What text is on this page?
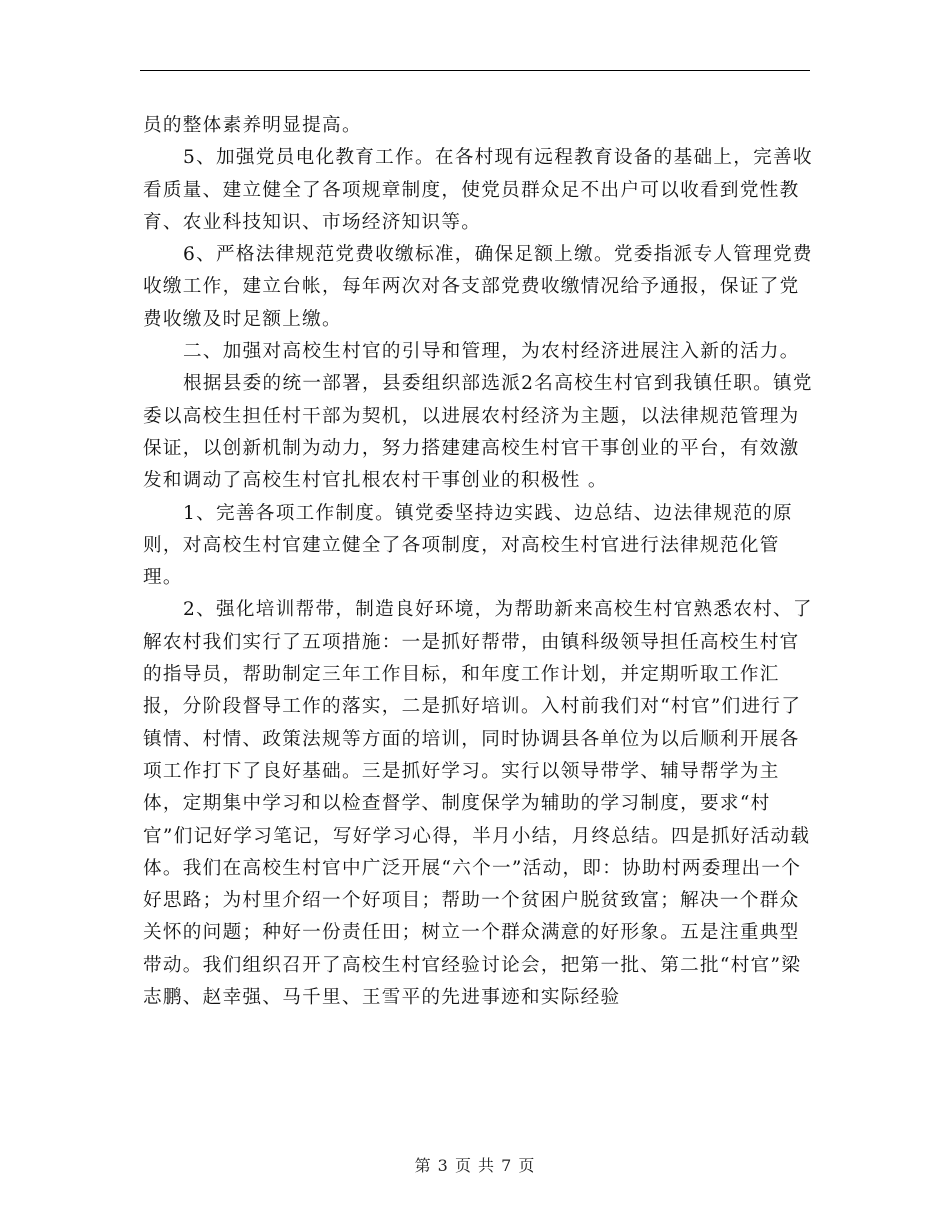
员的整体素养明显提高。

5、加强党员电化教育工作。在各村现有远程教育设备的基础上，完善收看质量、建立健全了各项规章制度，使党员群众足不出户可以收看到党性教育、农业科技知识、市场经济知识等。

6、严格法律规范党费收缴标准，确保足额上缴。党委指派专人管理党费收缴工作，建立台帐，每年两次对各支部党费收缴情况给予通报，保证了党费收缴及时足额上缴。

二、加强对高校生村官的引导和管理，为农村经济进展注入新的活力。

根据县委的统一部署，县委组织部选派2名高校生村官到我镇任职。镇党委以高校生担任村干部为契机，以进展农村经济为主题，以法律规范管理为保证，以创新机制为动力，努力搭建建高校生村官干事创业的平台，有效激发和调动了高校生村官扎根农村干事创业的积极性 。

1、完善各项工作制度。镇党委坚持边实践、边总结、边法律规范的原则，对高校生村官建立健全了各项制度，对高校生村官进行法律规范化管理。

2、强化培训帮带，制造良好环境，为帮助新来高校生村官熟悉农村、了解农村我们实行了五项措施：一是抓好帮带，由镇科级领导担任高校生村官的指导员，帮助制定三年工作目标，和年度工作计划，并定期听取工作汇报，分阶段督导工作的落实，二是抓好培训。入村前我们对“村官”们进行了镇情、村情、政策法规等方面的培训，同时协调县各单位为以后顺利开展各项工作打下了良好基础。三是抓好学习。实行以领导带学、辅导帮学为主体，定期集中学习和以检查督学、制度保学为辅助的学习制度，要求“村官”们记好学习笔记，写好学习心得，半月小结，月终总结。四是抓好活动载体。我们在高校生村官中广泛开展“六个一”活动，即：协助村两委理出一个好思路；为村里介绍一个好项目；帮助一个贫困户脱贫致富；解决一个群众关怀的问题；种好一份责任田；树立一个群众满意的好形象。五是注重典型带动。我们组织召开了高校生村官经验讨论会，把第一批、第二批“村官”梁志鹏、赵幸强、马千里、王雪平的先进事迹和实际经验

第 3 页 共 7 页
